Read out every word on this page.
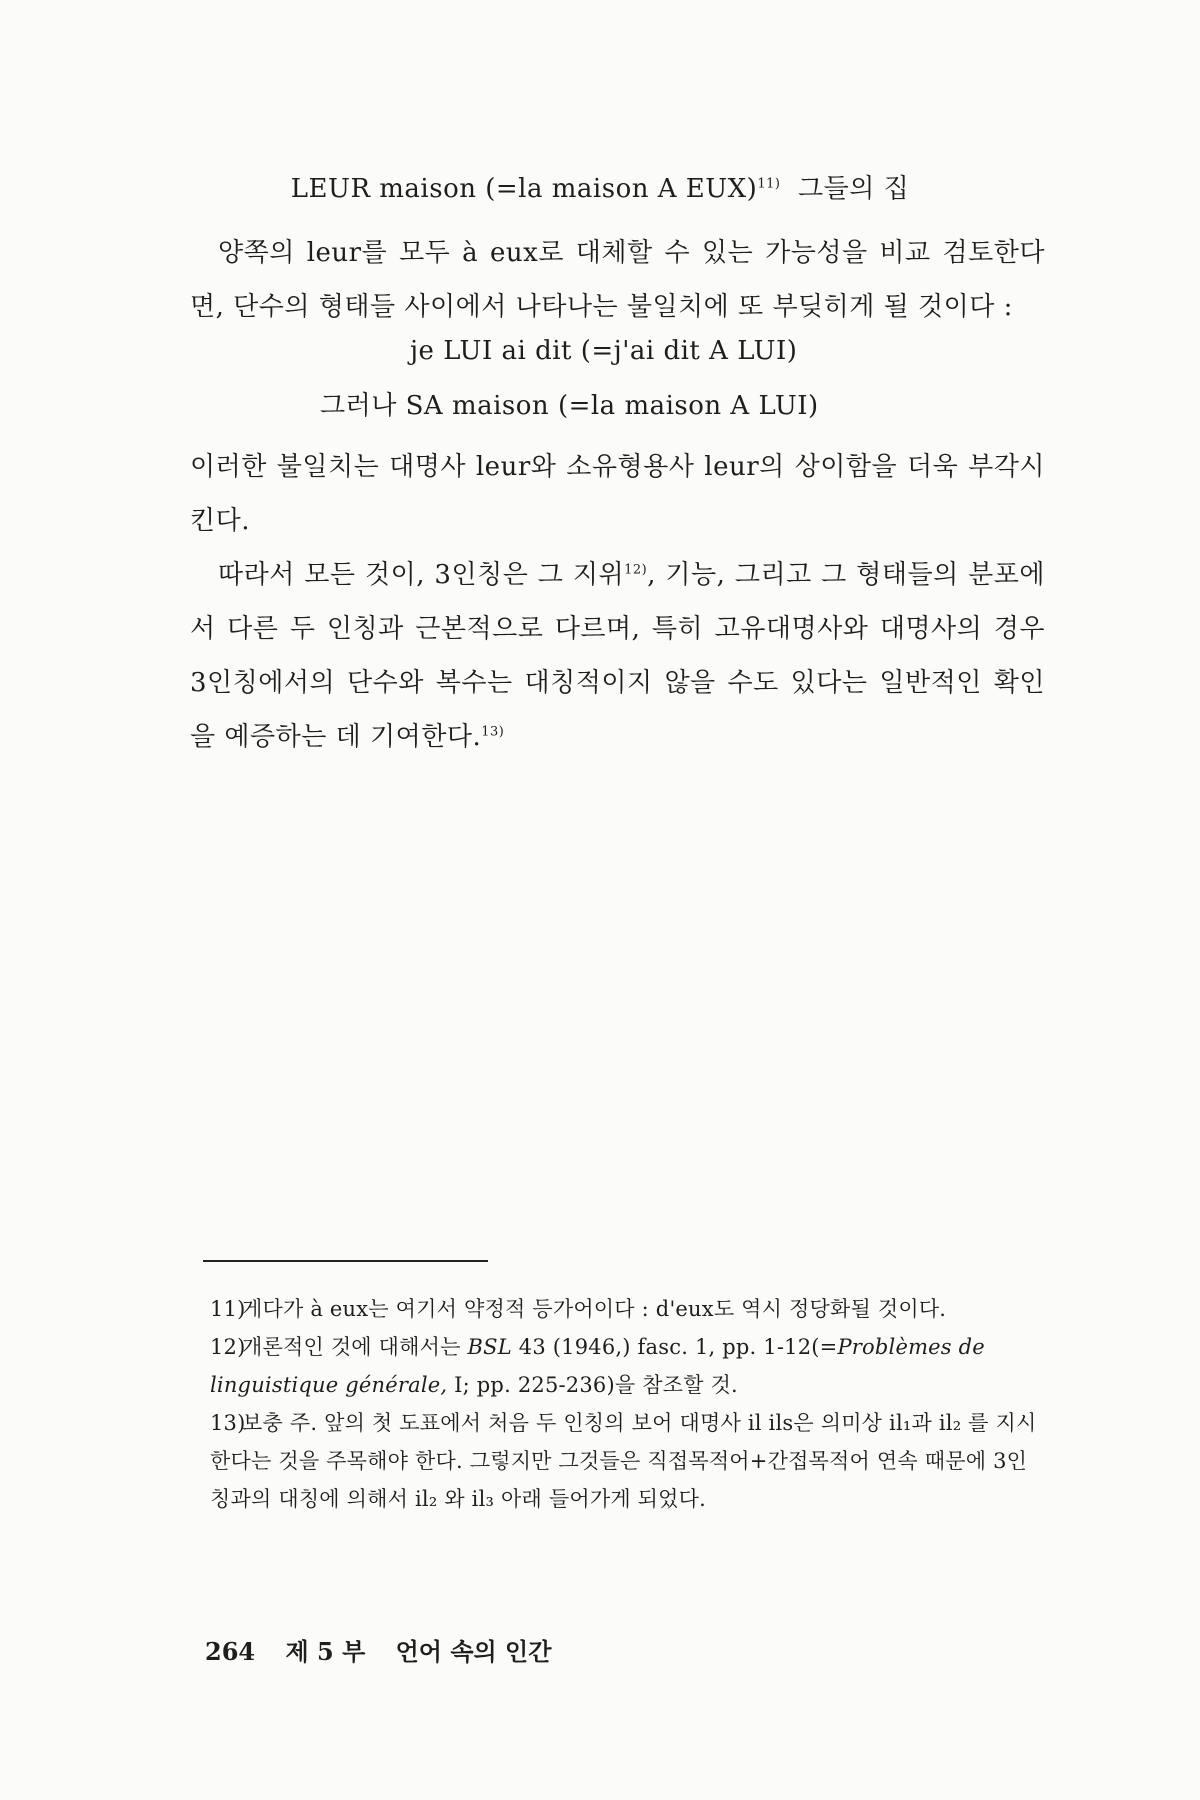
LEUR maison (=la maison A EUX)$^{11)}$ 그들의 집
양쪽의 leur를 모두 à eux로 대체할 수 있는 가능성을 비교 검토한다면, 단수의 형태들 사이에서 나타나는 불일치에 또 부딪히게 될 것이다 :
je LUI ai dit (=j'ai dit A LUI)
그러나 SA maison (=la maison A LUI)
이러한 불일치는 대명사 leur와 소유형용사 leur의 상이함을 더욱 부각시킨다.
따라서 모든 것이, 3인칭은 그 지위$^{12)}$, 기능, 그리고 그 형태들의 분포에서 다른 두 인칭과 근본적으로 다르며, 특히 고유대명사와 대명사의 경우 3인칭에서의 단수와 복수는 대칭적이지 않을 수도 있다는 일반적인 확인을 예증하는 데 기여한다.$^{13)}$
11)게다가 à eux는 여기서 약정적 등가어이다 : d'eux도 역시 정당화될 것이다.
12)개론적인 것에 대해서는 BSL 43 (1946,) fasc. 1, pp. 1-12(=Problèmes de linguistique générale, I; pp. 225-236)을 참조할 것.
13)보충 주. 앞의 첫 도표에서 처음 두 인칭의 보어 대명사 il ils은 의미상 il₁과 il₂ 를 지시한다는 것을 주목해야 한다. 그렇지만 그것들은 직접목적어+간접목적어 연속 때문에 3인칭과의 대칭에 의해서 il₂ 와 il₃ 아래 들어가게 되었다.
264 제 5 부 언어 속의 인간
